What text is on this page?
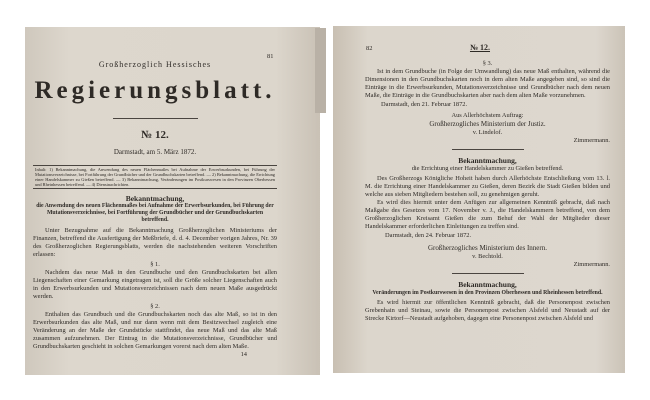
81
Großherzoglich Hessisches
Regierungsblatt.
№ 12.
Darmstadt, am 5. März 1872.
Inhalt: 1) Bekanntmachung, die Anwendung des neuen Flächenmaßes bei Aufnahme der Erwerbsurkunden, bei Führung der Mutationsverzeichnisse, bei Fortführung der Grundbücher und der Grundbuchskarten betreffend. — 2) Bekanntmachung, die Errichtung einer Handelskammer zu Gießen betreffend. — 3) Bekanntmachung, Veränderungen im Postkurswesen in den Provinzen Oberhessen und Rheinhessen betreffend. — 4) Dienstnachrichten.
Bekanntmachung,
die Anwendung des neuen Flächenmaßes bei Aufnahme der Erwerbsurkunden, bei Führung der Mutationsverzeichnisse, bei Fortführung der Grundbücher und der Grundbuchskarten betreffend.
Unter Bezugnahme auf die Bekanntmachung Großherzoglichen Ministeriums der Finanzen, betreffend die Ausfertigung der Meßbriefe, d. d. 4. December vorigen Jahres, Nr. 39 des Großherzoglichen Regierungsblatts, werden die nachstehenden weiteren Vorschriften erlassen:
§ 1.
Nachdem das neue Maß in den Grundbuche und den Grundbuchskarten bei allen Liegenschaften einer Gemarkung eingetragen ist, soll die Größe solcher Liegenschaften auch in den Erwerbsurkunden und Mutationsverzeichnissen nach dem neuen Maße ausgedrückt werden.
§ 2.
Enthalten das Grundbuch und die Grundbuchskarten noch das alte Maß, so ist in den Erwerbsurkunden das alte Maß, und nur dann wenn mit dem Besitzwechsel zugleich eine Veränderung an der Maße der Grundstücke stattfindet, das neue Maß und das alte Maß zusammen aufzunehmen. Der Eintrag in die Mutationsverzeichnisse, Grundbücher und Grundbuchskarten geschieht in solchen Gemarkungen vorerst nach dem alten Maße.
14
82	№ 12.
§ 3.
Ist in dem Grundbuche (in Folge der Umwandlung) das neue Maß enthalten, während die Dimensionen in den Grundbuchskarten noch in dem alten Maße angegeben sind, so sind die Einträge in die Erwerbsurkunden, Mutationsverzeichnisse und Grundbücher nach dem neuen Maße, die Einträge in die Grundbuchskarten aber nach dem alten Maße vorzunehmen.
Darmstadt, den 21. Februar 1872.
Aus Allerhöchstem Auftrag:
Großherzogliches Ministerium der Justiz.
v. Lindelof.
Zimmermann.
Bekanntmachung,
die Errichtung einer Handelskammer zu Gießen betreffend.
Des Großherzogs Königliche Hoheit haben durch Allerhöchste Entschließung vom 13. l. M. die Errichtung einer Handelskammer zu Gießen, deren Bezirk die Stadt Gießen bilden und welche aus sieben Mitgliedern bestehen soll, zu genehmigen geruht.
Es wird dies hiermit unter dem Anfügen zur allgemeinen Kenntniß gebracht, daß nach Maßgabe des Gesetzes vom 17. November v. J., die Handelskammern betreffend, von dem Großherzoglichen Kreisamt Gießen die zum Behuf der Wahl der Mitglieder dieser Handelskammer erforderlichen Einleitungen zu treffen sind.
Darmstadt, den 24. Februar 1872.
Großherzogliches Ministerium des Innern.
v. Bechtold.
Zimmermann.
Bekanntmachung,
Veränderungen im Postkurswesen in den Provinzen Oberhessen und Rheinhessen betreffend.
Es wird hiermit zur öffentlichen Kenntniß gebracht, daß die Personenpost zwischen Grebenhain und Steinau, sowie die Personenpost zwischen Alsfeld und Neustadt auf der Strecke Kirtorf—Neustadt aufgehoben, dagegen eine Personenpost zwischen Alsfeld und
